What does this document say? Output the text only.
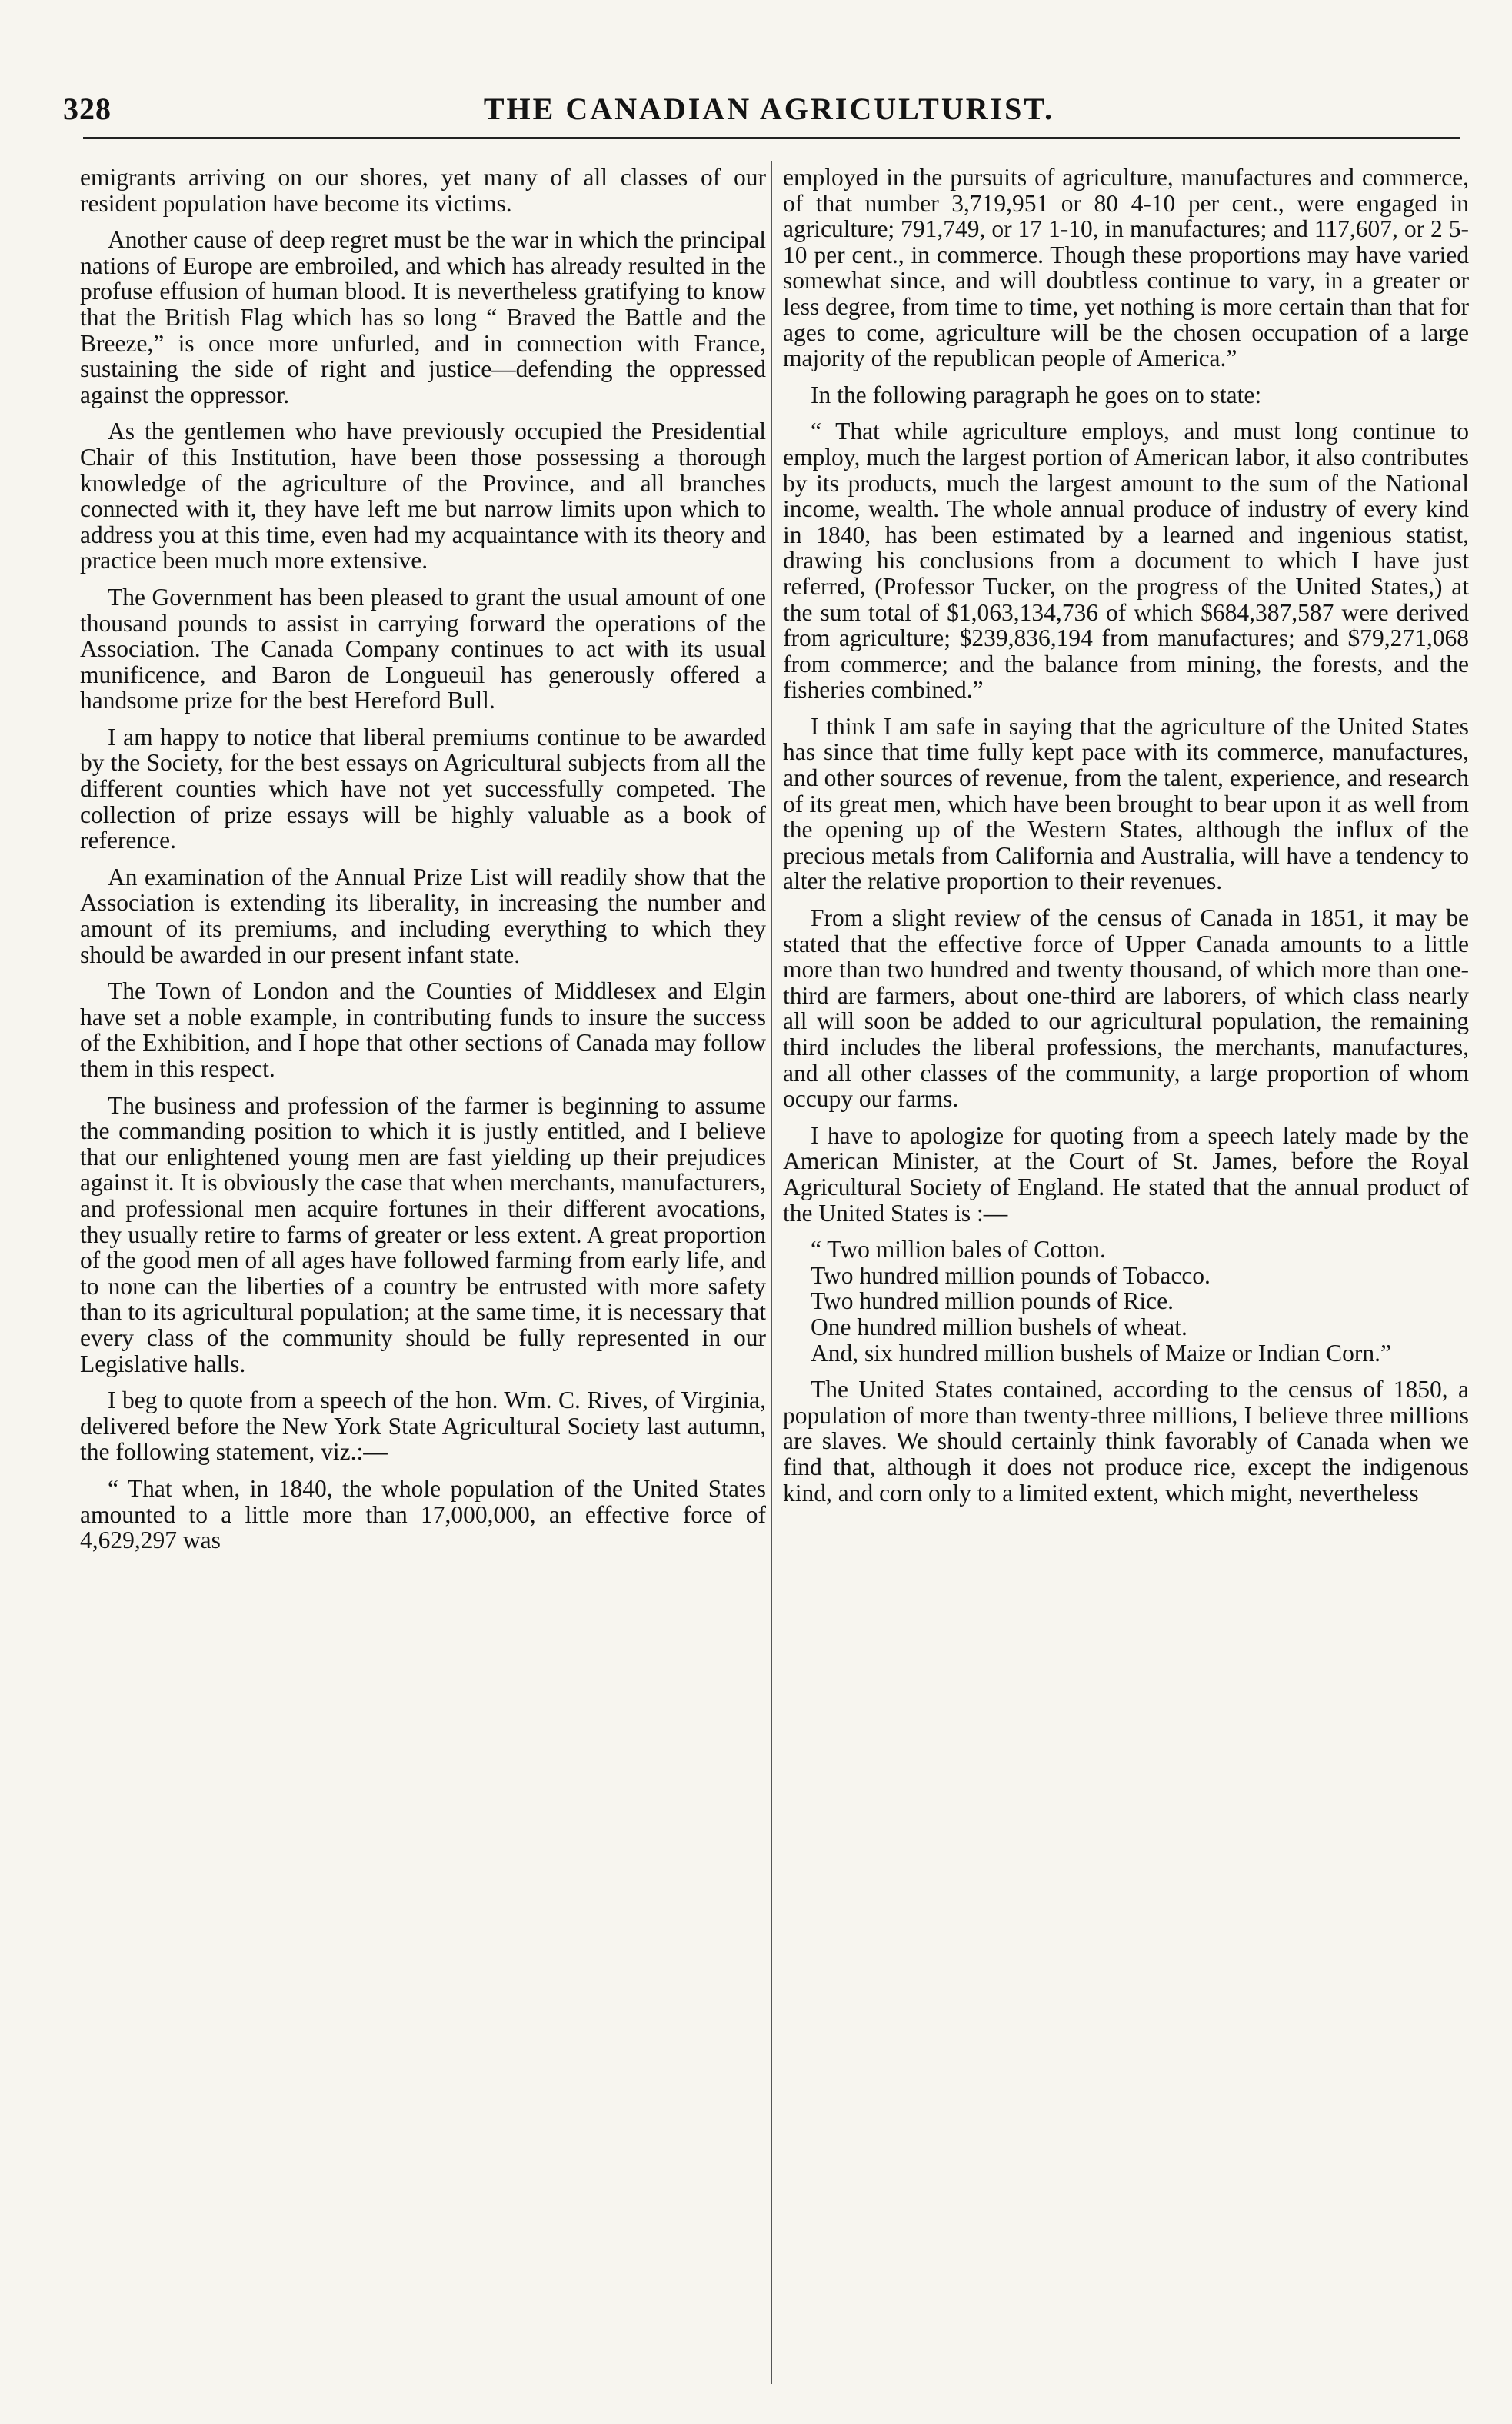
328	THE CANADIAN AGRICULTURIST.

emigrants arriving on our shores, yet many of all classes of our resident population have become its victims.

Another cause of deep regret must be the war in which the principal nations of Europe are embroiled, and which has already resulted in the profuse effusion of human blood. It is nevertheless gratifying to know that the British Flag which has so long “ Braved the Battle and the Breeze,” is once more unfurled, and in connection with France, sustaining the side of right and justice—defending the oppressed against the oppressor.

As the gentlemen who have previously occupied the Presidential Chair of this Institution, have been those possessing a thorough knowledge of the agriculture of the Province, and all branches connected with it, they have left me but narrow limits upon which to address you at this time, even had my acquaintance with its theory and practice been much more extensive.

The Government has been pleased to grant the usual amount of one thousand pounds to assist in carrying forward the operations of the Association. The Canada Company continues to act with its usual munificence, and Baron de Longueuil has generously offered a handsome prize for the best Hereford Bull.

I am happy to notice that liberal premiums continue to be awarded by the Society, for the best essays on Agricultural subjects from all the different counties which have not yet successfully competed. The collection of prize essays will be highly valuable as a book of reference.

An examination of the Annual Prize List will readily show that the Association is extending its liberality, in increasing the number and amount of its premiums, and including everything to which they should be awarded in our present infant state.

The Town of London and the Counties of Middlesex and Elgin have set a noble example, in contributing funds to insure the success of the Exhibition, and I hope that other sections of Canada may follow them in this respect.

The business and profession of the farmer is beginning to assume the commanding position to which it is justly entitled, and I believe that our enlightened young men are fast yielding up their prejudices against it. It is obviously the case that when merchants, manufacturers, and professional men acquire fortunes in their different avocations, they usually retire to farms of greater or less extent. A great proportion of the good men of all ages have followed farming from early life, and to none can the liberties of a country be entrusted with more safety than to its agricultural population; at the same time, it is necessary that every class of the community should be fully represented in our Legislative halls.

I beg to quote from a speech of the hon. Wm. C. Rives, of Virginia, delivered before the New York State Agricultural Society last autumn, the following statement, viz.:—

“ That when, in 1840, the whole population of the United States amounted to a little more than 17,000,000, an effective force of 4,629,297 was

employed in the pursuits of agriculture, manufactures and commerce, of that number 3,719,951 or 80 4-10 per cent., were engaged in agriculture; 791,749, or 17 1-10, in manufactures; and 117,607, or 2 5-10 per cent., in commerce. Though these proportions may have varied somewhat since, and will doubtless continue to vary, in a greater or less degree, from time to time, yet nothing is more certain than that for ages to come, agriculture will be the chosen occupation of a large majority of the republican people of America.”

In the following paragraph he goes on to state:

“ That while agriculture employs, and must long continue to employ, much the largest portion of American labor, it also contributes by its products, much the largest amount to the sum of the National income, wealth. The whole annual produce of industry of every kind in 1840, has been estimated by a learned and ingenious statist, drawing his conclusions from a document to which I have just referred, (Professor Tucker, on the progress of the United States,) at the sum total of $1,063,134,736 of which $684,387,587 were derived from agriculture; $239,836,194 from manufactures; and $79,271,068 from commerce; and the balance from mining, the forests, and the fisheries combined.”

I think I am safe in saying that the agriculture of the United States has since that time fully kept pace with its commerce, manufactures, and other sources of revenue, from the talent, experience, and research of its great men, which have been brought to bear upon it as well from the opening up of the Western States, although the influx of the precious metals from California and Australia, will have a tendency to alter the relative proportion to their revenues.

From a slight review of the census of Canada in 1851, it may be stated that the effective force of Upper Canada amounts to a little more than two hundred and twenty thousand, of which more than one-third are farmers, about one-third are laborers, of which class nearly all will soon be added to our agricultural population, the remaining third includes the liberal professions, the merchants, manufactures, and all other classes of the community, a large proportion of whom occupy our farms.

I have to apologize for quoting from a speech lately made by the American Minister, at the Court of St. James, before the Royal Agricultural Society of England. He stated that the annual product of the United States is :—

“ Two million bales of Cotton.

Two hundred million pounds of Tobacco.

Two hundred million pounds of Rice.

One hundred million bushels of wheat.

And, six hundred million bushels of Maize or Indian Corn.”

The United States contained, according to the census of 1850, a population of more than twenty-three millions, I believe three millions are slaves. We should certainly think favorably of Canada when we find that, although it does not produce rice, except the indigenous kind, and corn only to a limited extent, which might, nevertheless
